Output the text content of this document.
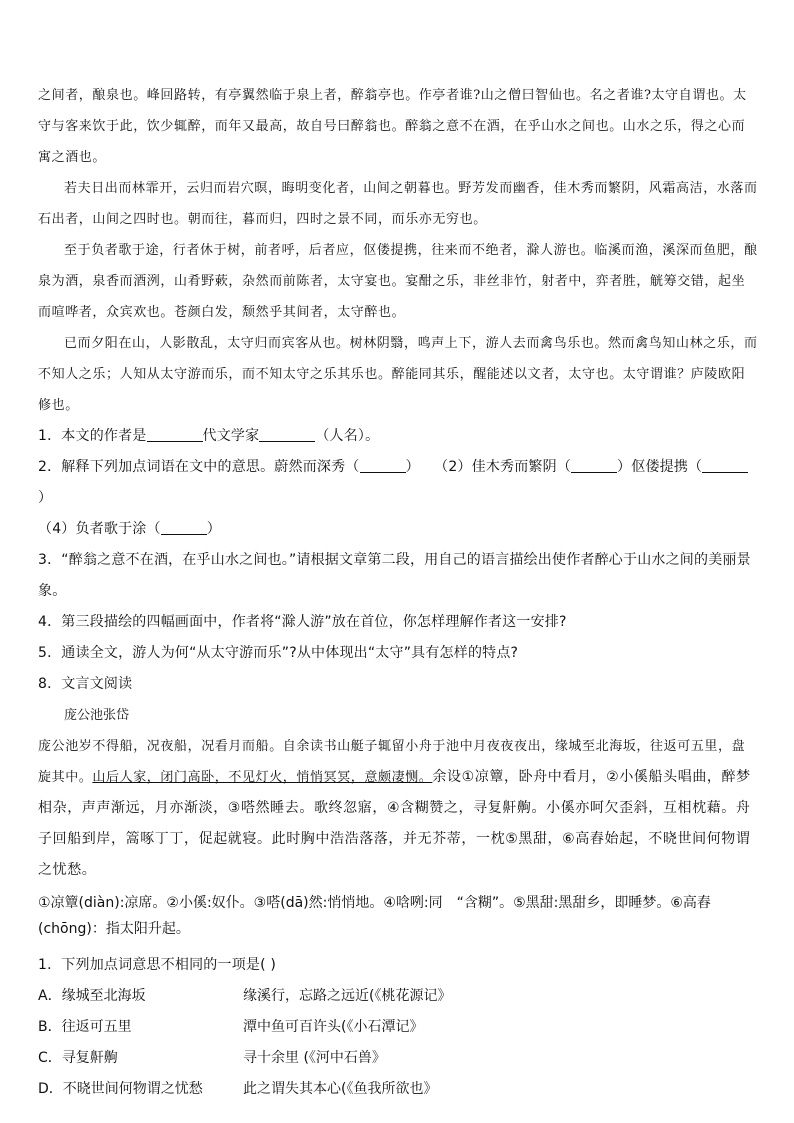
之间者，酿泉也。峰回路转，有亭翼然临于泉上者，醉翁亭也。作亭者谁?山之僧曰智仙也。名之者谁?太守自谓也。太守与客来饮于此，饮少辄醉，而年又最高，故自号曰醉翁也。醉翁之意不在酒，在乎山水之间也。山水之乐，得之心而寓之酒也。

若夫日出而林霏开，云归而岩穴暝，晦明变化者，山间之朝暮也。野芳发而幽香，佳木秀而繁阴，风霜高洁，水落而石出者，山间之四时也。朝而往，暮而归，四时之景不同，而乐亦无穷也。

至于负者歌于途，行者休于树，前者呼，后者应，伛偻提携，往来而不绝者，滁人游也。临溪而渔，溪深而鱼肥，酿泉为酒，泉香而酒洌，山肴野蔌，杂然而前陈者，太守宴也。宴酣之乐，非丝非竹，射者中，弈者胜，觥筹交错，起坐而喧哗者，众宾欢也。苍颜白发，颓然乎其间者，太守醉也。

已而夕阳在山，人影散乱，太守归而宾客从也。树林阴翳，鸣声上下，游人去而禽鸟乐也。然而禽鸟知山林之乐，而不知人之乐；人知从太守游而乐，而不知太守之乐其乐也。醉能同其乐，醒能述以文者，太守也。太守谓谁？庐陵欧阳修也。

1．本文的作者是	代文学家	（人名）。

2．解释下列加点词语在文中的意思。蔚然而深秀（	）　　（2）佳木秀而繁阴（	）伛偻提携（）

（4）负者歌于涂（	）

3．“醉翁之意不在酒，在乎山水之间也。”请根据文章第二段，用自己的语言描绘出使作者醉心于山水之间的美丽景象。

4．第三段描绘的四幅画面中，作者将“滁人游”放在首位，你怎样理解作者这一安排?

5．通读全文，游人为何“从太守游而乐”?从中体现出“太守”具有怎样的特点?

8．文言文阅读

庞公池张岱

庞公池岁不得船，况夜船，况看月而船。自余读书山艇子辄留小舟于池中月夜夜夜出，缘城至北海坂，往返可五里，盘旋其中。山后人家，闭门高卧，不见灯火，悄悄冥冥，意颇凄恻。余设①凉簟，卧舟中看月，②小傒船头唱曲，醉梦相杂，声声渐远，月亦渐淡，③嗒然睡去。歌终忽寤，④含糊赞之，寻复鼾齁。小傒亦呵欠歪斜，互相枕藉。舟子回船到岸，篙啄丁丁，促起就寝。此时胸中浩浩落落，并无芥蒂，一枕⑤黑甜，⑥高舂始起，不晓世间何物谓之忧愁。

①凉簟(diàn):凉席。②小傒:奴仆。③嗒(dā)然:悄悄地。④唅咧:同　“含糊”。⑤黑甜:黑甜乡，即睡梦。⑥高舂(chōng)：指太阳升起。

1．下列加点词意思不相同的一项是( )

A．缘城至北海坂	缘溪行，忘路之远近(《桃花源记》
B．往返可五里	潭中鱼可百许头(《小石潭记》
C．寻复鼾齁	寻十余里 (《河中石兽》
D．不晓世间何物谓之忧愁	此之谓失其本心(《鱼我所欲也》
